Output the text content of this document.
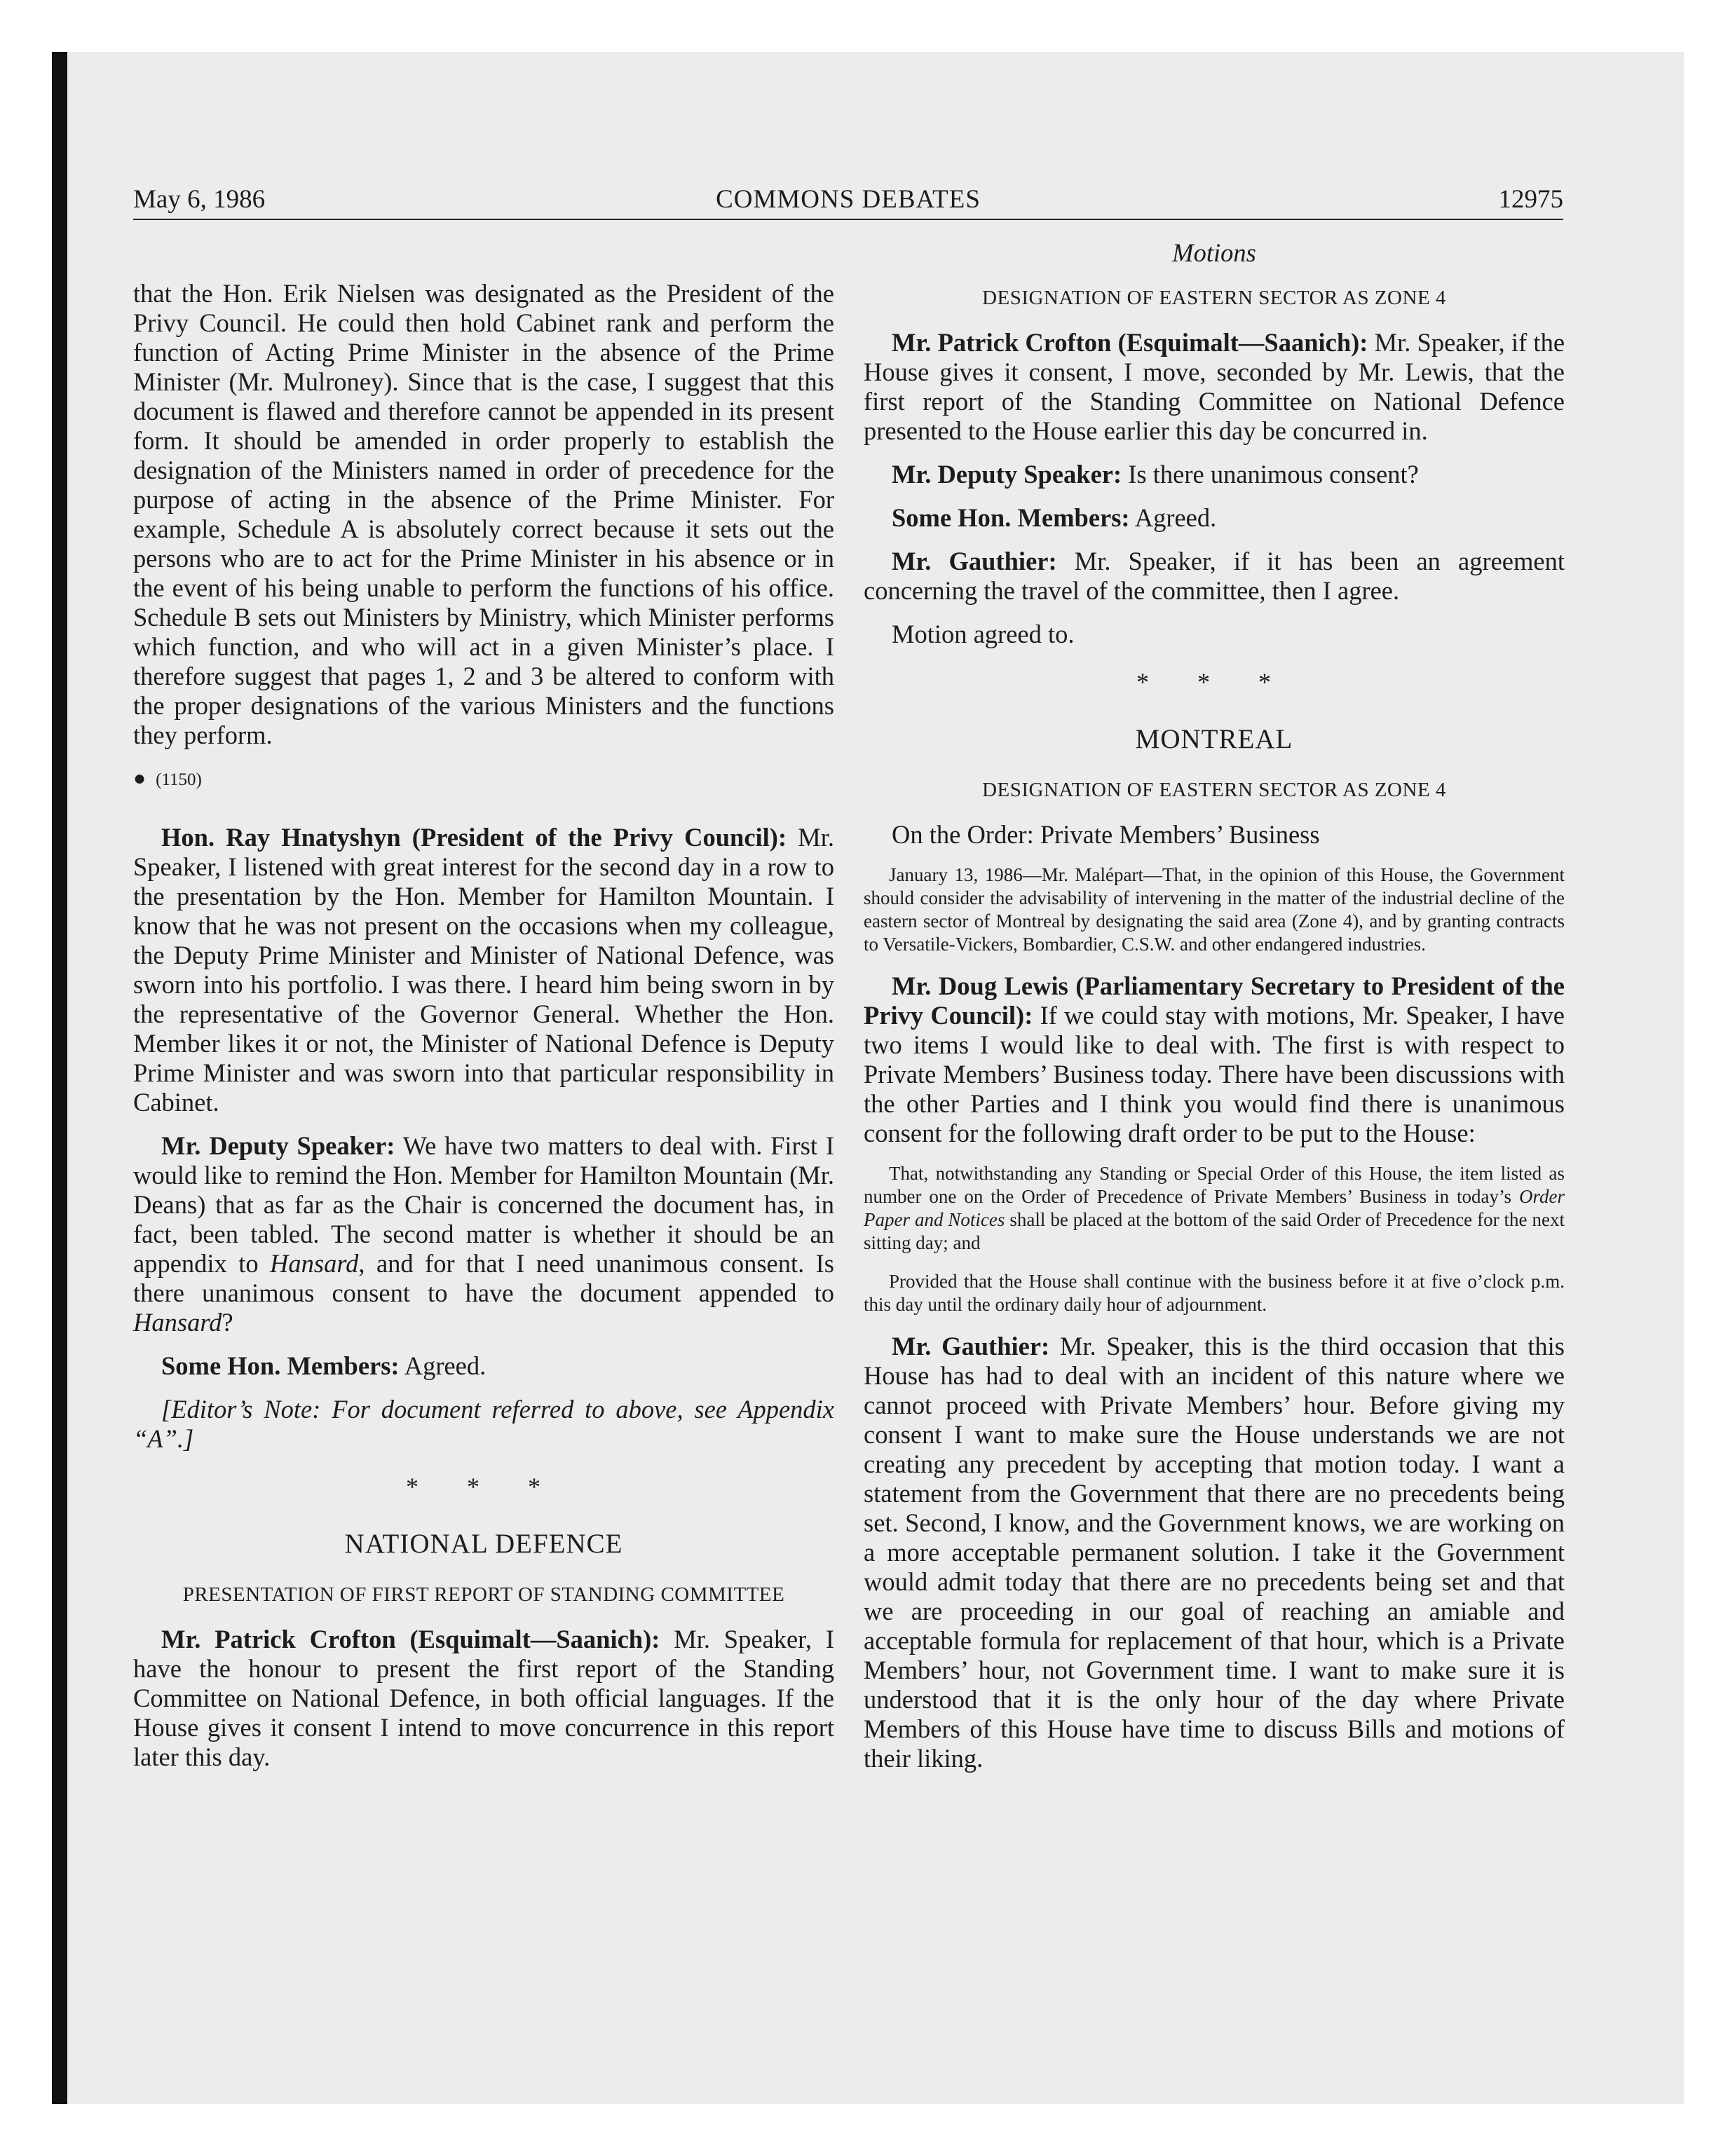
May 6, 1986	COMMONS DEBATES	12975

that the Hon. Erik Nielsen was designated as the President of the Privy Council. He could then hold Cabinet rank and perform the function of Acting Prime Minister in the absence of the Prime Minister (Mr. Mulroney). Since that is the case, I suggest that this document is flawed and therefore cannot be appended in its present form. It should be amended in order properly to establish the designation of the Ministers named in order of precedence for the purpose of acting in the absence of the Prime Minister. For example, Schedule A is absolutely correct because it sets out the persons who are to act for the Prime Minister in his absence or in the event of his being unable to perform the functions of his office. Schedule B sets out Ministers by Ministry, which Minister performs which function, and who will act in a given Minister’s place. I therefore suggest that pages 1, 2 and 3 be altered to conform with the proper designations of the various Ministers and the functions they perform.

● (1150)

Hon. Ray Hnatyshyn (President of the Privy Council): Mr. Speaker, I listened with great interest for the second day in a row to the presentation by the Hon. Member for Hamilton Mountain. I know that he was not present on the occasions when my colleague, the Deputy Prime Minister and Minister of National Defence, was sworn into his portfolio. I was there. I heard him being sworn in by the representative of the Governor General. Whether the Hon. Member likes it or not, the Minister of National Defence is Deputy Prime Minister and was sworn into that particular responsibility in Cabinet.

Mr. Deputy Speaker: We have two matters to deal with. First I would like to remind the Hon. Member for Hamilton Mountain (Mr. Deans) that as far as the Chair is concerned the document has, in fact, been tabled. The second matter is whether it should be an appendix to Hansard, and for that I need unanimous consent. Is there unanimous consent to have the document appended to Hansard?

Some Hon. Members: Agreed.

[Editor’s Note: For document referred to above, see Appendix “A”.]

* * *
NATIONAL DEFENCE
PRESENTATION OF FIRST REPORT OF STANDING COMMITTEE

Mr. Patrick Crofton (Esquimalt—Saanich): Mr. Speaker, I have the honour to present the first report of the Standing Committee on National Defence, in both official languages. If the House gives it consent I intend to move concurrence in this report later this day.

Motions
DESIGNATION OF EASTERN SECTOR AS ZONE 4

Mr. Patrick Crofton (Esquimalt—Saanich): Mr. Speaker, if the House gives it consent, I move, seconded by Mr. Lewis, that the first report of the Standing Committee on National Defence presented to the House earlier this day be concurred in.

Mr. Deputy Speaker: Is there unanimous consent?

Some Hon. Members: Agreed.

Mr. Gauthier: Mr. Speaker, if it has been an agreement concerning the travel of the committee, then I agree.

Motion agreed to.

* * *
MONTREAL
DESIGNATION OF EASTERN SECTOR AS ZONE 4

On the Order: Private Members’ Business

January 13, 1986—Mr. Malépart—That, in the opinion of this House, the Government should consider the advisability of intervening in the matter of the industrial decline of the eastern sector of Montreal by designating the said area (Zone 4), and by granting contracts to Versatile-Vickers, Bombardier, C.S.W. and other endangered industries.

Mr. Doug Lewis (Parliamentary Secretary to President of the Privy Council): If we could stay with motions, Mr. Speaker, I have two items I would like to deal with. The first is with respect to Private Members’ Business today. There have been discussions with the other Parties and I think you would find there is unanimous consent for the following draft order to be put to the House:

That, notwithstanding any Standing or Special Order of this House, the item listed as number one on the Order of Precedence of Private Members’ Business in today’s Order Paper and Notices shall be placed at the bottom of the said Order of Precedence for the next sitting day; and

Provided that the House shall continue with the business before it at five o’clock p.m. this day until the ordinary daily hour of adjournment.

Mr. Gauthier: Mr. Speaker, this is the third occasion that this House has had to deal with an incident of this nature where we cannot proceed with Private Members’ hour. Before giving my consent I want to make sure the House understands we are not creating any precedent by accepting that motion today. I want a statement from the Government that there are no precedents being set. Second, I know, and the Government knows, we are working on a more acceptable permanent solution. I take it the Government would admit today that there are no precedents being set and that we are proceeding in our goal of reaching an amiable and acceptable formula for replacement of that hour, which is a Private Members’ hour, not Government time. I want to make sure it is understood that it is the only hour of the day where Private Members of this House have time to discuss Bills and motions of their liking.
